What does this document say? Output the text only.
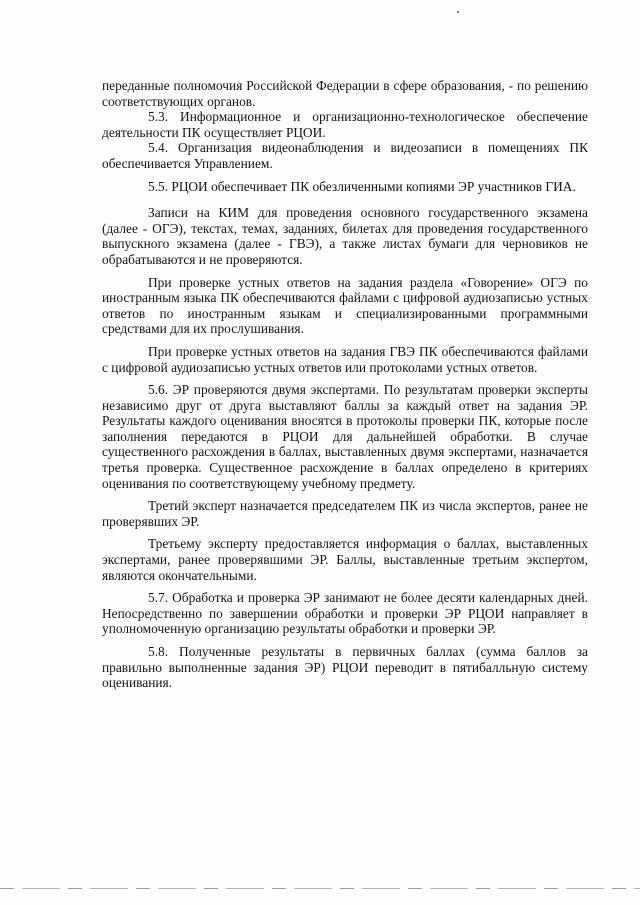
переданные полномочия Российской Федерации в сфере образования, - по решению соответствующих органов.

5.3. Информационное и организационно-технологическое обеспечение деятельности ПК осуществляет РЦОИ.

5.4. Организация видеонаблюдения и видеозаписи в помещениях ПК обеспечивается Управлением.

5.5. РЦОИ обеспечивает ПК обезличенными копиями ЭР участников ГИА.

Записи на КИМ для проведения основного государственного экзамена (далее - ОГЭ), текстах, темах, заданиях, билетах для проведения государственного выпускного экзамена (далее - ГВЭ), а также листах бумаги для черновиков не обрабатываются и не проверяются.

При проверке устных ответов на задания раздела «Говорение» ОГЭ по иностранным языка ПК обеспечиваются файлами с цифровой аудиозаписью устных ответов по иностранным языкам и специализированными программными средствами для их прослушивания.

При проверке устных ответов на задания ГВЭ ПК обеспечиваются файлами с цифровой аудиозаписью устных ответов или протоколами устных ответов.

5.6. ЭР проверяются двумя экспертами. По результатам проверки эксперты независимо друг от друга выставляют баллы за каждый ответ на задания ЭР. Результаты каждого оценивания вносятся в протоколы проверки ПК, которые после заполнения передаются в РЦОИ для дальнейшей обработки. В случае существенного расхождения в баллах, выставленных двумя экспертами, назначается третья проверка. Существенное расхождение в баллах определено в критериях оценивания по соответствующему учебному предмету.

Третий эксперт назначается председателем ПК из числа экспертов, ранее не проверявших ЭР.

Третьему эксперту предоставляется информация о баллах, выставленных экспертами, ранее проверявшими ЭР. Баллы, выставленные третьим экспертом, являются окончательными.

5.7. Обработка и проверка ЭР занимают не более десяти календарных дней. Непосредственно по завершении обработки и проверки ЭР РЦОИ направляет в уполномоченную организацию результаты обработки и проверки ЭР.

5.8. Полученные результаты в первичных баллах (сумма баллов за правильно выполненные задания ЭР) РЦОИ переводит в пятибалльную систему оценивания.
